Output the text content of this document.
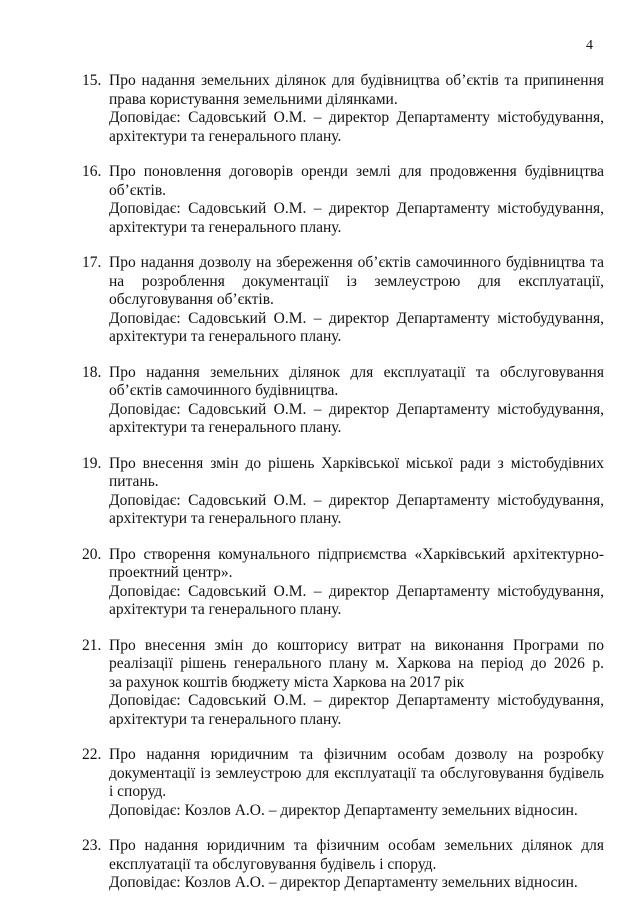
4
15. Про надання земельних ділянок для будівництва об’єктів та припинення
права користування земельними ділянками.
Доповідає: Садовський О.М. – директор Департаменту містобудування,
архітектури та генерального плану.
16. Про поновлення договорів оренди землі для продовження будівництва
об’єктів.
Доповідає: Садовський О.М. – директор Департаменту містобудування,
архітектури та генерального плану.
17. Про надання дозволу на збереження об’єктів самочинного будівництва та
на розроблення документації із землеустрою для експлуатації,
обслуговування об’єктів.
Доповідає: Садовський О.М. – директор Департаменту містобудування,
архітектури та генерального плану.
18. Про надання земельних ділянок для експлуатації та обслуговування
об’єктів самочинного будівництва.
Доповідає: Садовський О.М. – директор Департаменту містобудування,
архітектури та генерального плану.
19. Про внесення змін до рішень Харківської міської ради з містобудівних
питань.
Доповідає: Садовський О.М. – директор Департаменту містобудування,
архітектури та генерального плану.
20. Про створення комунального підприємства «Харківський архітектурно-
проектний центр».
Доповідає: Садовський О.М. – директор Департаменту містобудування,
архітектури та генерального плану.
21. Про внесення змін до кошторису витрат на виконання Програми по
реалізації рішень генерального плану м. Харкова на період до 2026 р.
за рахунок коштів бюджету міста Харкова на 2017 рік
Доповідає: Садовський О.М. – директор Департаменту містобудування,
архітектури та генерального плану.
22. Про надання юридичним та фізичним особам дозволу на розробку
документації із землеустрою для експлуатації та обслуговування будівель
і споруд.
Доповідає: Козлов А.О. – директор Департаменту земельних відносин.
23. Про надання юридичним та фізичним особам земельних ділянок для
експлуатації та обслуговування будівель і споруд.
Доповідає: Козлов А.О. – директор Департаменту земельних відносин.
